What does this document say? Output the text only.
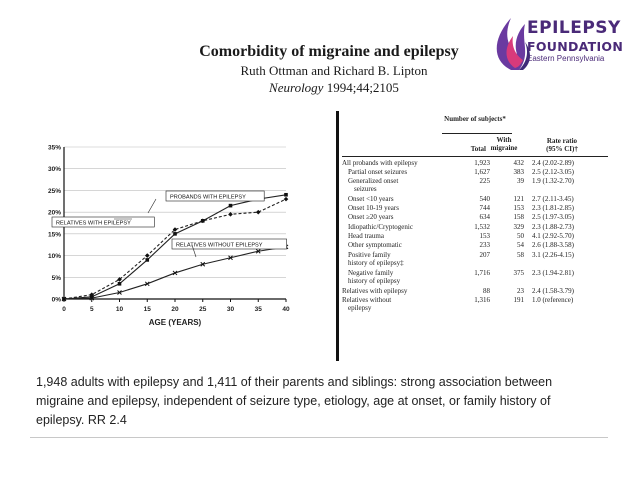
EPILEPSY
FOUNDATION
Eastern Pennsylvania
Comorbidity of migraine and epilepsy
Ruth Ottman and Richard B. Lipton
Neurology 1994;44;2105
0%
5%
10%
15%
20%
25%
30%
35%
0	5	10	15	20	25	30	35	40
AGE (YEARS)
PROBANDS WITH EPILEPSY
RELATIVES WITH EPILEPSY
RELATIVES WITHOUT EPILEPSY
Number of subjects*
Total
With migraine
Rate ratio
(95% CI)†
All probands with epilepsy	1,923	432 2.4 (2.02-2.89)
Partial onset seizures	1,627	383 2.5 (2.12-3.05)
Generalized onset	225	39 1.9 (1.32-2.70)
seizures
Onset <10 years	540	121 2.7 (2.11-3.45)
Onset 10-19 years	744	153 2.3 (1.81-2.85)
Onset ≥20 years	634	158 2.5 (1.97-3.05)
Idiopathic/Cryptogenic	1,532	329 2.3 (1.88-2.73)
Head trauma	153	50 4.1 (2.92-5.70)
Other symptomatic	233	54 2.6 (1.88-3.58)
Positive family	207	58 3.1 (2.26-4.15)
history of epilepsy‡
Negative family	1,716	375 2.3 (1.94-2.81)
history of epilepsy
Relatives with epilepsy	88	23 2.4 (1.58-3.79)
Relatives without	1,316	191 1.0 (reference)
epilepsy
1,948 adults with epilepsy and 1,411 of their parents and siblings: strong association between migraine and epilepsy, independent of seizure type, etiology, age at onset, or family history of epilepsy. RR 2.4
